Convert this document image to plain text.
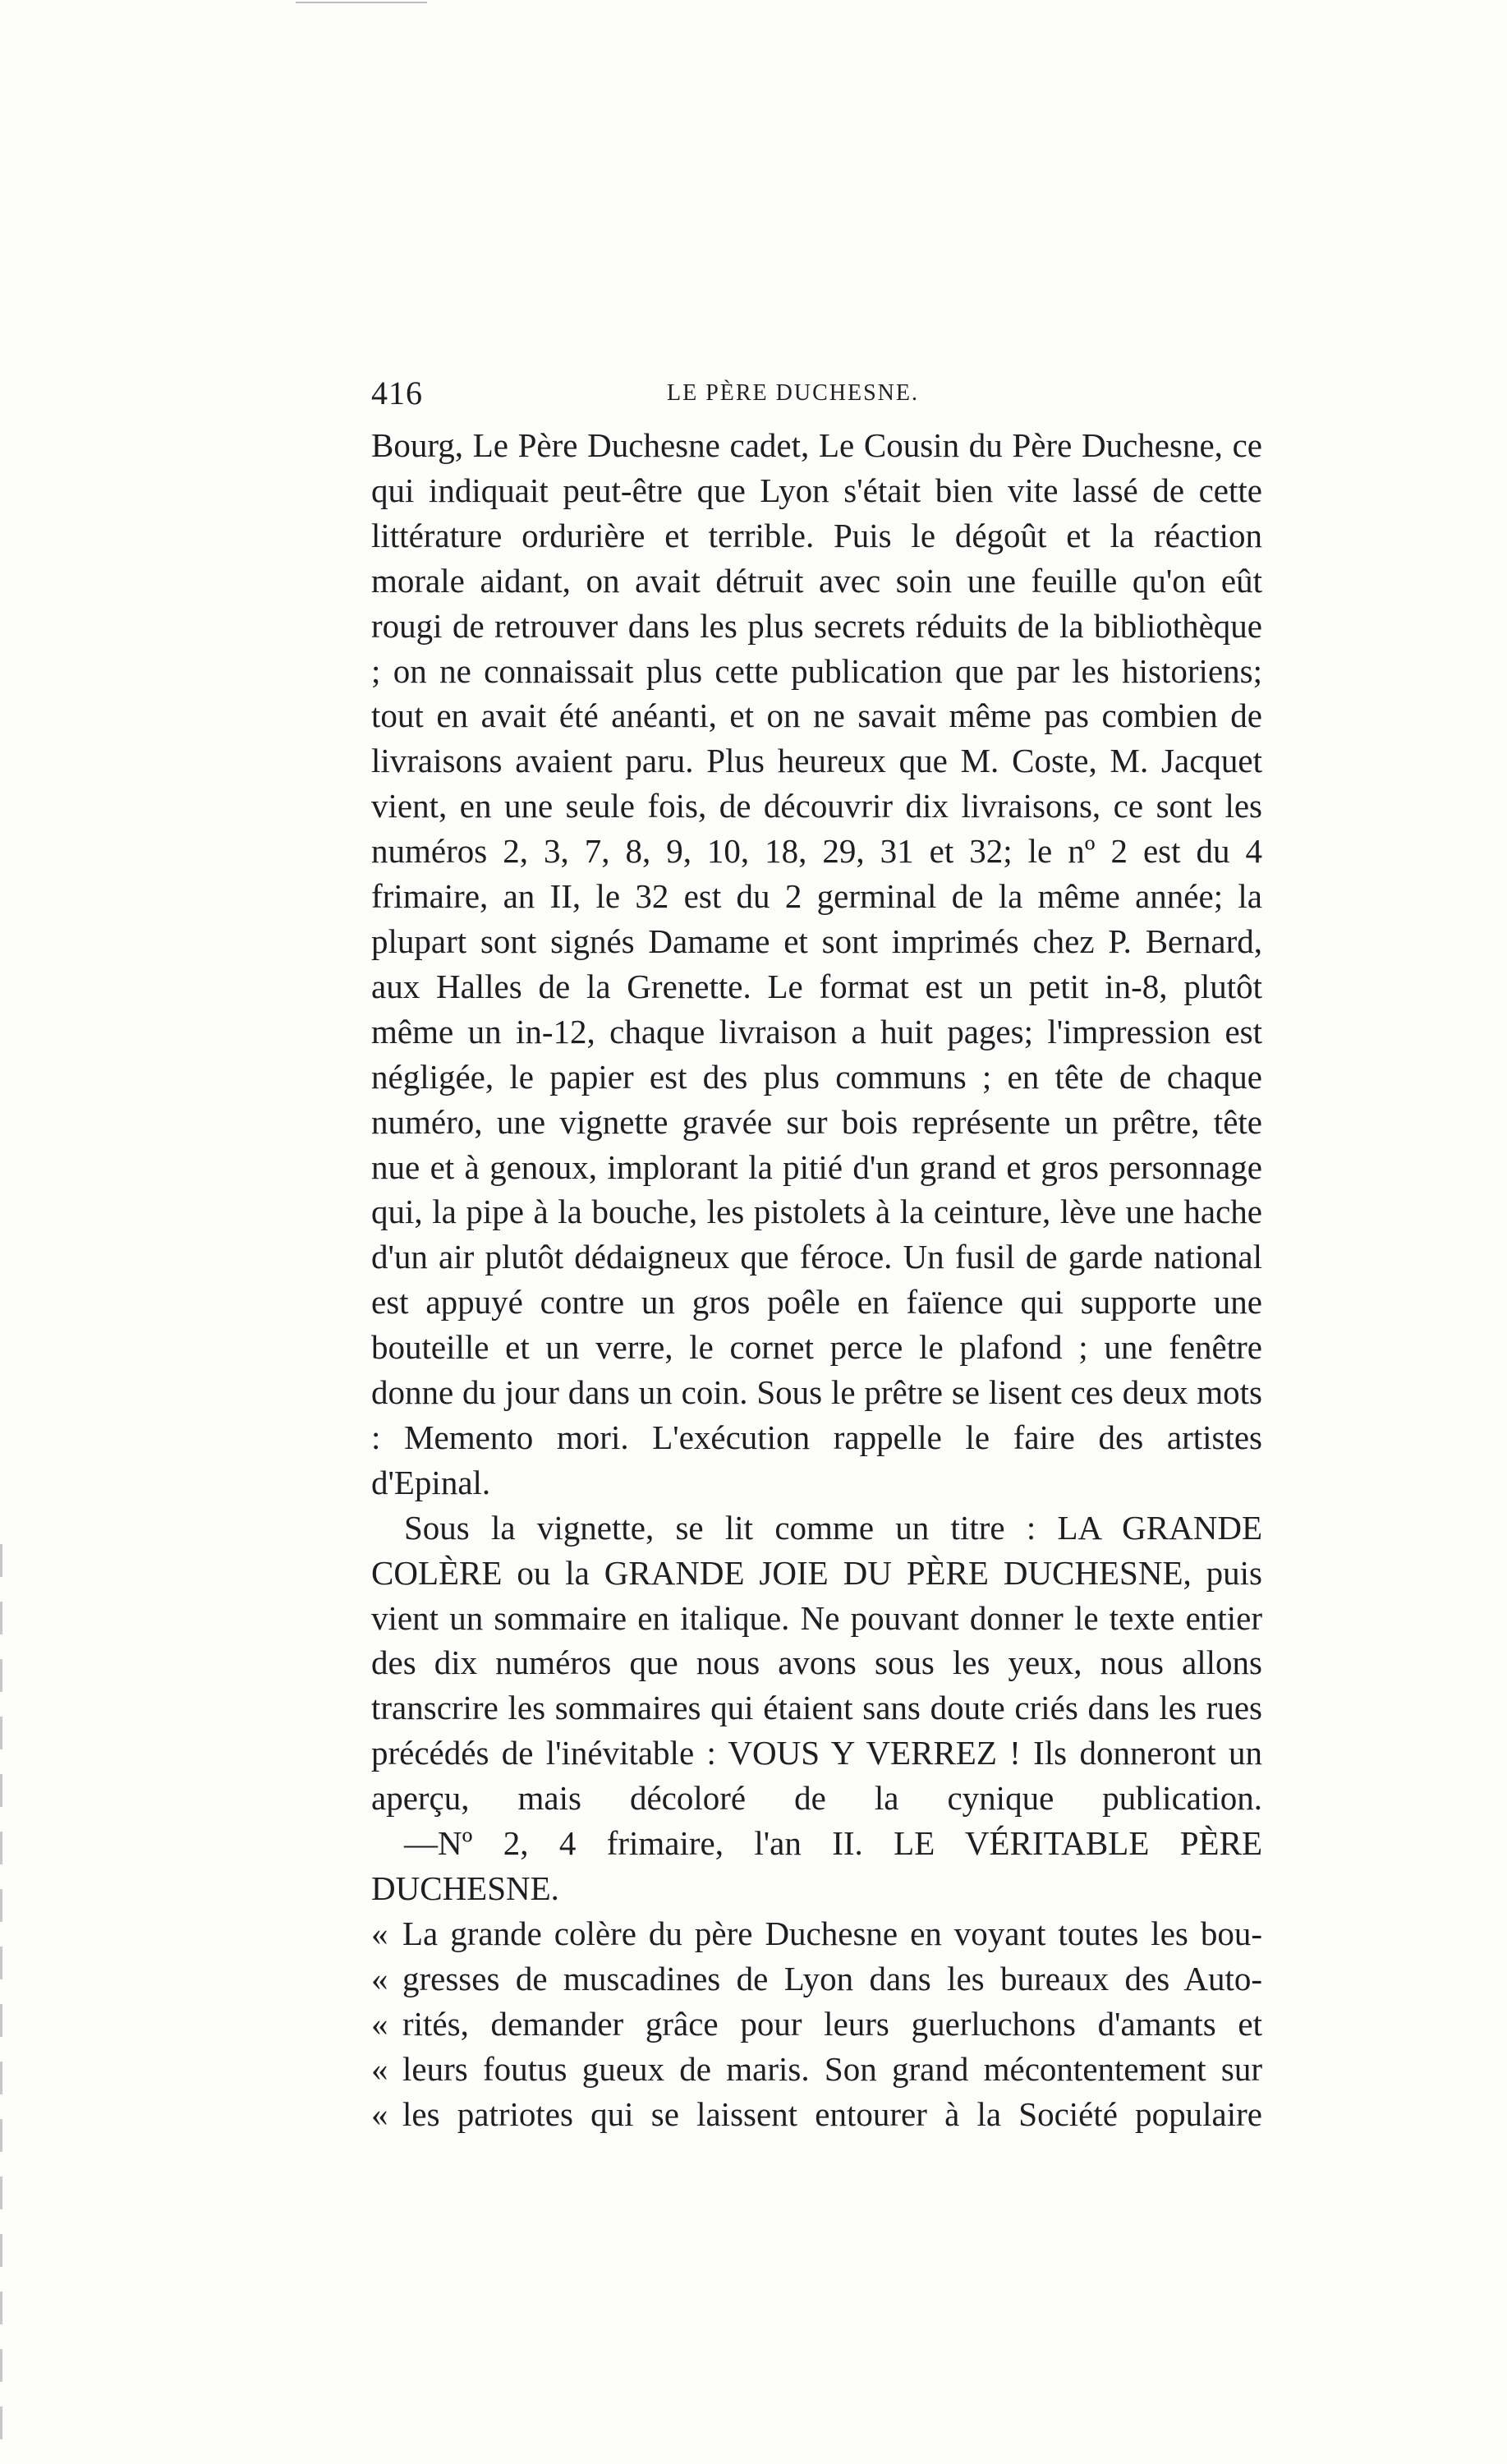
416	LE PÈRE DUCHESNE.

Bourg, Le Père Duchesne cadet, Le Cousin du Père Duchesne, ce qui indiquait peut-être que Lyon s'était bien vite lassé de cette littérature ordurière et terrible. Puis le dégoût et la réaction morale aidant, on avait détruit avec soin une feuille qu'on eût rougi de retrouver dans les plus secrets réduits de la bibliothèque ; on ne connaissait plus cette publication que par les historiens; tout en avait été anéanti, et on ne savait même pas combien de livraisons avaient paru. Plus heureux que M. Coste, M. Jacquet vient, en une seule fois, de découvrir dix livraisons, ce sont les numéros 2, 3, 7, 8, 9, 10, 18, 29, 31 et 32; le nº 2 est du 4 frimaire, an II, le 32 est du 2 germinal de la même année; la plupart sont signés Damame et sont imprimés chez P. Bernard, aux Halles de la Grenette. Le format est un petit in-8, plutôt même un in-12, chaque livraison a huit pages; l'impression est négligée, le papier est des plus communs ; en tête de chaque numéro, une vignette gravée sur bois représente un prêtre, tête nue et à genoux, implorant la pitié d'un grand et gros personnage qui, la pipe à la bouche, les pistolets à la ceinture, lève une hache d'un air plutôt dédaigneux que féroce. Un fusil de garde national est appuyé contre un gros poêle en faïence qui supporte une bouteille et un verre, le cornet perce le plafond ; une fenêtre donne du jour dans un coin. Sous le prêtre se lisent ces deux mots : Memento mori. L'exécution rappelle le faire des artistes d'Epinal.

Sous la vignette, se lit comme un titre : LA GRANDE COLÈRE ou la GRANDE JOIE DU PÈRE DUCHESNE, puis vient un sommaire en italique. Ne pouvant donner le texte entier des dix numéros que nous avons sous les yeux, nous allons transcrire les sommaires qui étaient sans doute criés dans les rues précédés de l'inévitable : VOUS Y VERREZ ! Ils donneront un aperçu, mais décoloré de la cynique publication.

—Nº 2, 4 frimaire, l'an II. LE VÉRITABLE PÈRE DUCHESNE.

« La grande colère du père Duchesne en voyant toutes les bou-

« gresses de muscadines de Lyon dans les bureaux des Auto-

« rités, demander grâce pour leurs guerluchons d'amants et

« leurs foutus gueux de maris. Son grand mécontentement sur

« les patriotes qui se laissent entourer à la Société populaire
